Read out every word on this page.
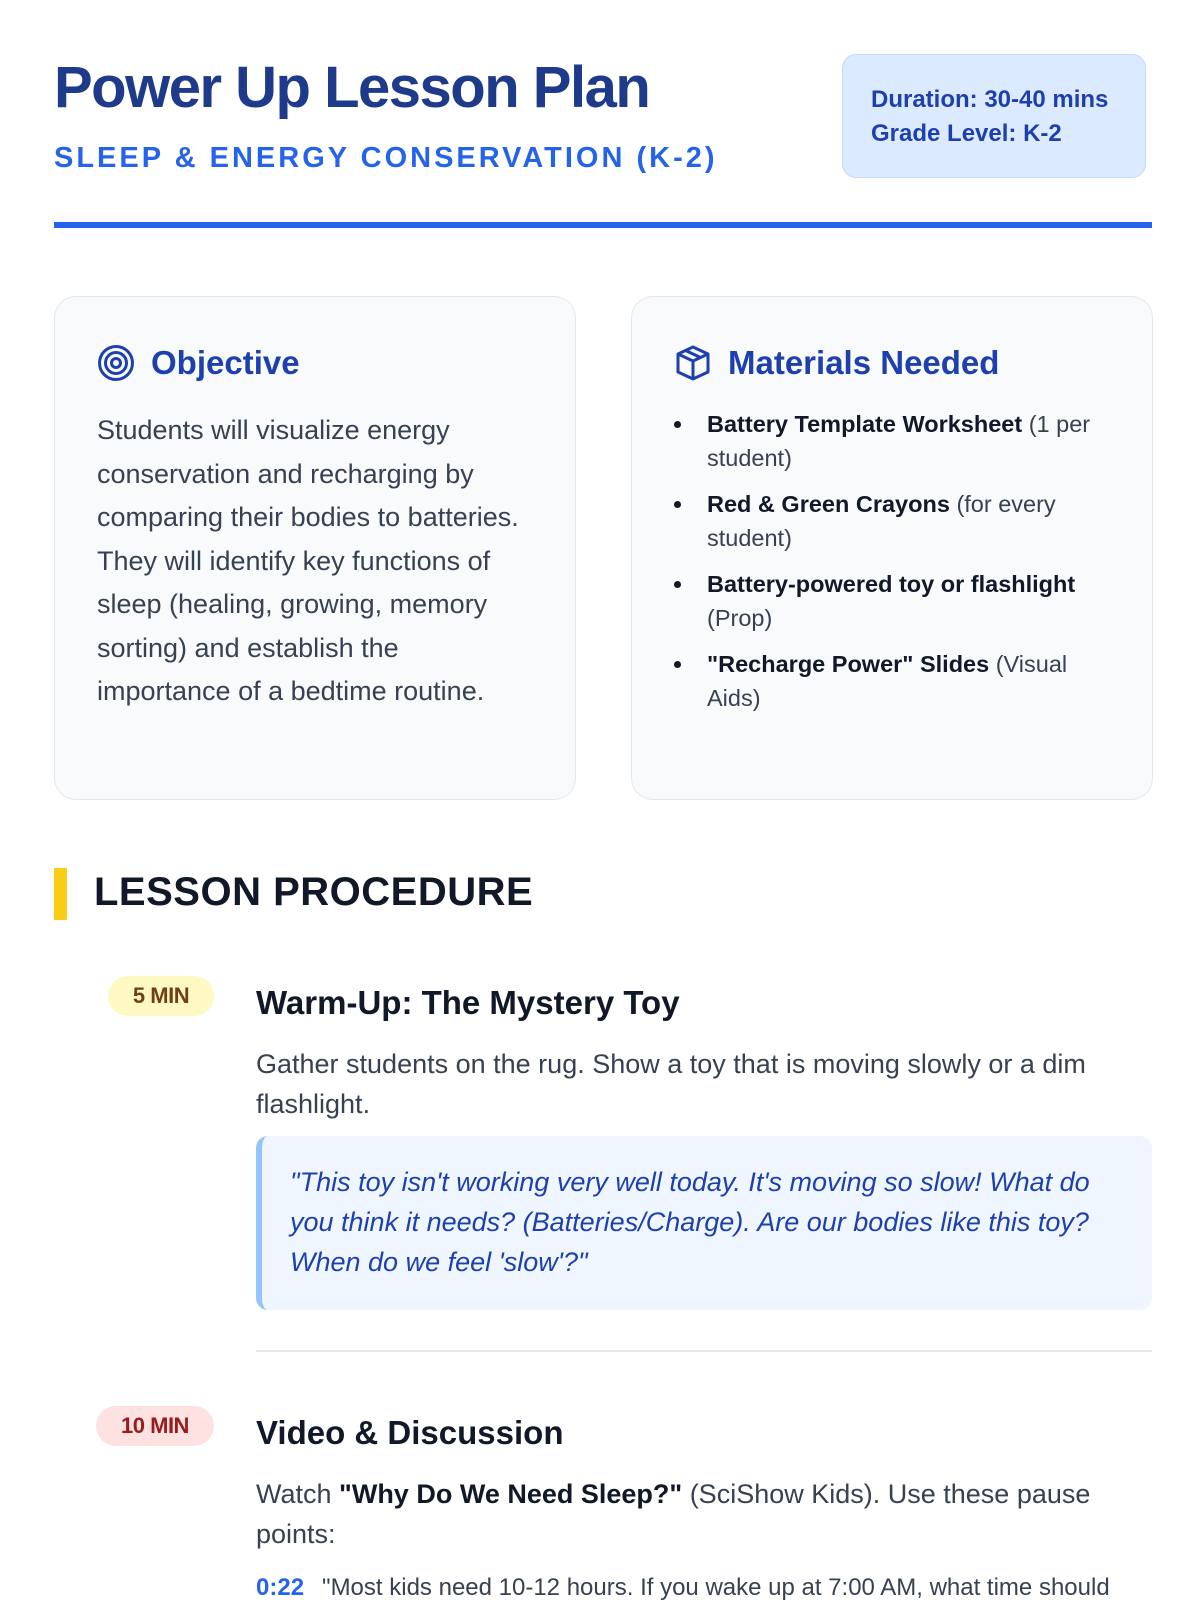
Power Up Lesson Plan
SLEEP & ENERGY CONSERVATION (K-2)
Duration: 30-40 mins
Grade Level: K-2
Objective

Students will visualize energy conservation and recharging by comparing their bodies to batteries. They will identify key functions of sleep (healing, growing, memory sorting) and establish the importance of a bedtime routine.

Materials Needed
Battery Template Worksheet (1 per student)
Red & Green Crayons (for every student)
Battery-powered toy or flashlight (Prop)
"Recharge Power" Slides (Visual Aids)
LESSON PROCEDURE
5 MIN	Warm-Up: The Mystery Toy

Gather students on the rug. Show a toy that is moving slowly or a dim flashlight.

"This toy isn't working very well today. It's moving so slow! What do you think it needs? (Batteries/Charge). Are our bodies like this toy? When do we feel 'slow'?"
10 MIN	Video & Discussion

Watch "Why Do We Need Sleep?" (SciShow Kids). Use these pause points:

0:22 "Most kids need 10-12 hours. If you wake up at 7:00 AM, what time should
